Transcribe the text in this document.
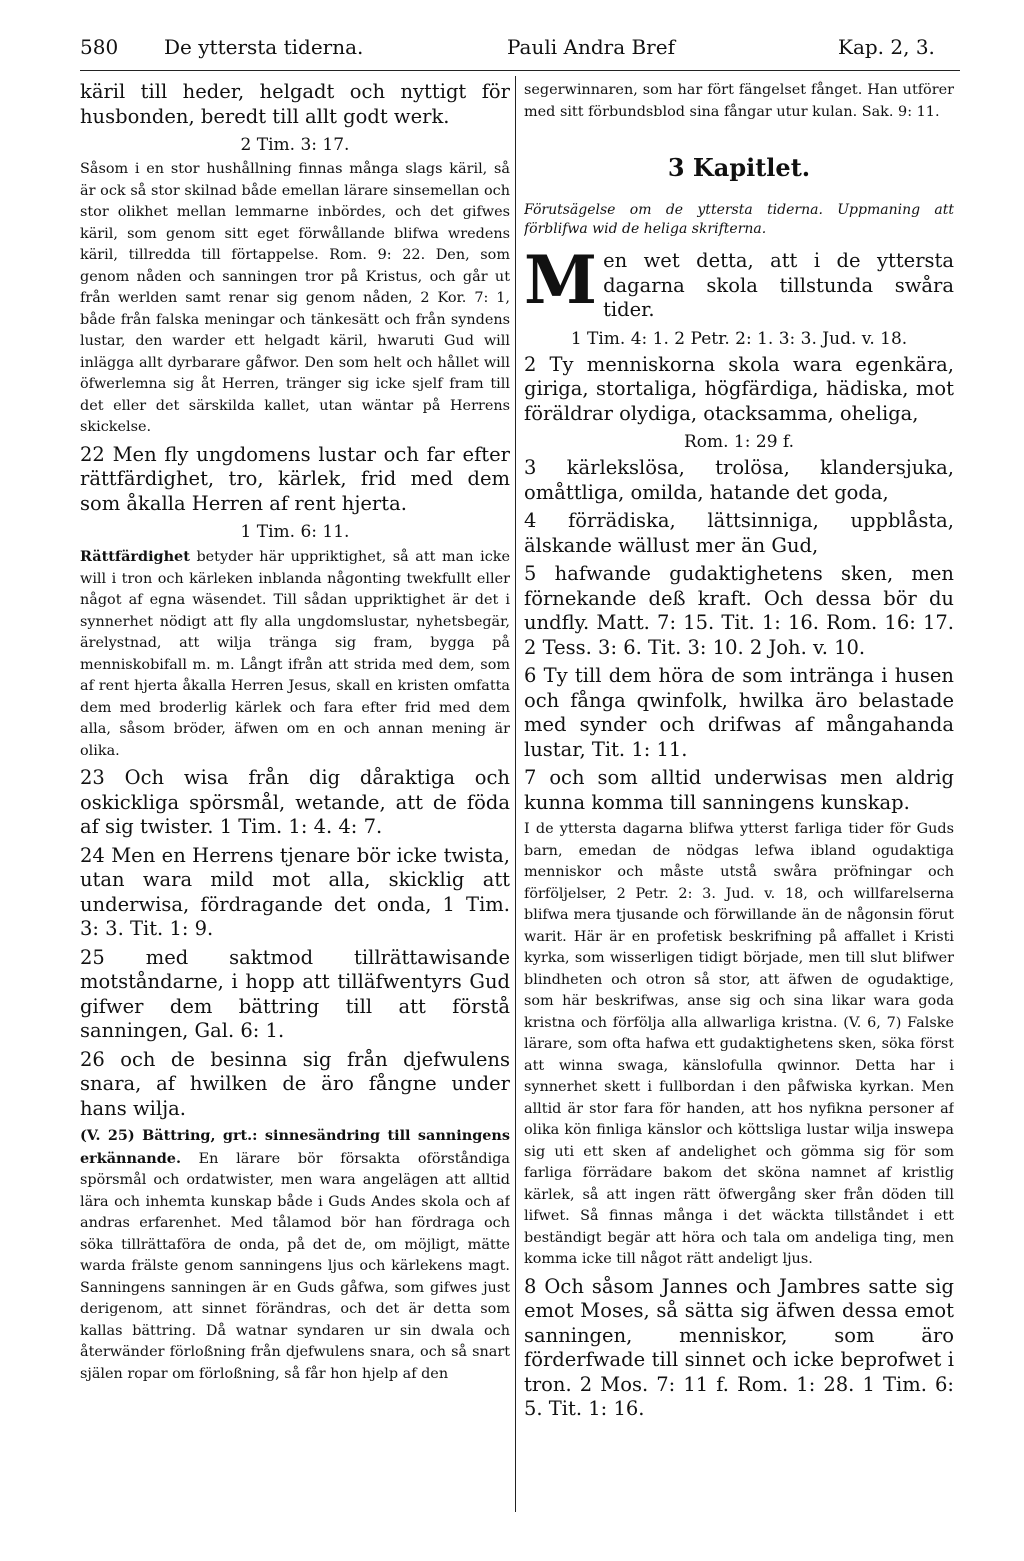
580 De yttersta tiderna.	Pauli Andra Bref	Kap. 2, 3.

käril till heder, helgadt och nyttigt för husbonden, beredt till allt godt werk.

2 Tim. 3: 17.

Såsom i en stor hushållning finnas många slags käril, så är ock så stor skilnad både emellan lärare sinsemellan och stor olikhet mellan lemmarne inbördes, och det gifwes käril, som genom sitt eget förwållande blifwa wredens käril, tillredda till förtappelse. Rom. 9: 22. Den, som genom nåden och sanningen tror på Kristus, och går ut från werlden samt renar sig genom nåden, 2 Kor. 7: 1, både från falska meningar och tänkesätt och från syndens lustar, den warder ett helgadt käril, hwaruti Gud will inlägga allt dyrbarare gåfwor. Den som helt och hållet will öfwerlemna sig åt Herren, tränger sig icke sjelf fram till det eller det särskilda kallet, utan wäntar på Herrens skickelse.

22 Men fly ungdomens lustar och far efter rättfärdighet, tro, kärlek, frid med dem som åkalla Herren af rent hjerta.

1 Tim. 6: 11.

Rättfärdighet betyder här uppriktighet, så att man icke will i tron och kärleken inblanda någonting twekfullt eller något af egna wäsendet. Till sådan uppriktighet är det i synnerhet nödigt att fly alla ungdomslustar, nyhetsbegär, ärelystnad, att wilja tränga sig fram, bygga på menniskobifall m. m. Långt ifrån att strida med dem, som af rent hjerta åkalla Herren Jesus, skall en kristen omfatta dem med broderlig kärlek och fara efter frid med dem alla, såsom bröder, äfwen om en och annan mening är olika.

23 Och wisa från dig dåraktiga och oskickliga spörsmål, wetande, att de föda af sig twister. 1 Tim. 1: 4. 4: 7.

24 Men en Herrens tjenare bör icke twista, utan wara mild mot alla, skicklig att underwisa, fördragande det onda, 1 Tim. 3: 3. Tit. 1: 9.

25 med saktmod tillrättawisande motståndarne, i hopp att tilläfwentyrs Gud gifwer dem bättring till att förstå sanningen, Gal. 6: 1.

26 och de besinna sig från djefwulens snara, af hwilken de äro fångne under hans wilja.

(V. 25) Bättring, grt.: sinnesändring till sanningens erkännande. En lärare bör försakta oförståndiga spörsmål och ordatwister, men wara angelägen att alltid lära och inhemta kunskap både i Guds Andes skola och af andras erfarenhet. Med tålamod bör han fördraga och söka tillrättaföra de onda, på det de, om möjligt, mätte warda frälste genom sanningens ljus och kärlekens magt. Sanningens sanningen är en Guds gåfwa, som gifwes just derigenom, att sinnet förändras, och det är detta som kallas bättring. Då watnar syndaren ur sin dwala och återwänder förloßning från djefwulens snara, och så snart själen ropar om förloßning, så får hon hjelp af den

segerwinnaren, som har fört fängelset fånget. Han utförer med sitt förbundsblod sina fångar utur kulan. Sak. 9: 11.

3 Kapitlet.

Förutsägelse om de yttersta tiderna. Uppmaning att förblifwa wid de heliga skrifterna.

Men wet detta, att i de yttersta dagarna skola tillstunda swåra tider.

1 Tim. 4: 1. 2 Petr. 2: 1. 3: 3. Jud. v. 18.

2 Ty menniskorna skola wara egenkära, giriga, stortaliga, högfärdiga, hädiska, mot föräldrar olydiga, otacksamma, oheliga,

Rom. 1: 29 f.

3 kärlekslösa, trolösa, klandersjuka, omåttliga, omilda, hatande det goda,

4 förrädiska, lättsinniga, uppblåsta, älskande wällust mer än Gud,

5 hafwande gudaktighetens sken, men förnekande deß kraft. Och dessa bör du undfly. Matt. 7: 15. Tit. 1: 16. Rom. 16: 17. 2 Tess. 3: 6. Tit. 3: 10. 2 Joh. v. 10.

6 Ty till dem höra de som intränga i husen och fånga qwinfolk, hwilka äro belastade med synder och drifwas af mångahanda lustar, Tit. 1: 11.

7 och som alltid underwisas men aldrig kunna komma till sanningens kunskap.

I de yttersta dagarna blifwa ytterst farliga tider för Guds barn, emedan de nödgas lefwa ibland ogudaktiga menniskor och måste utstå swåra pröfningar och förföljelser, 2 Petr. 2: 3. Jud. v. 18, och willfarelserna blifwa mera tjusande och förwillande än de någonsin förut warit. Här är en profetisk beskrifning på affallet i Kristi kyrka, som wisserligen tidigt började, men till slut blifwer blindheten och otron så stor, att äfwen de ogudaktige, som här beskrifwas, anse sig och sina likar wara goda kristna och förfölja alla allwarliga kristna. (V. 6, 7) Falske lärare, som ofta hafwa ett gudaktighetens sken, söka först att winna swaga, känslofulla qwinnor. Detta har i synnerhet skett i fullbordan i den påfwiska kyrkan. Men alltid är stor fara för handen, att hos nyfikna personer af olika kön finliga känslor och köttsliga lustar wilja inswepa sig uti ett sken af andelighet och gömma sig för som farliga förrädare bakom det sköna namnet af kristlig kärlek, så att ingen rätt öfwergång sker från döden till lifwet. Så finnas många i det wäckta tillståndet i ett beständigt begär att höra och tala om andeliga ting, men komma icke till något rätt andeligt ljus.

8 Och såsom Jannes och Jambres satte sig emot Moses, så sätta sig äfwen dessa emot sanningen, menniskor, som äro förderfwade till sinnet och icke beprofwet i tron. 2 Mos. 7: 11 f. Rom. 1: 28. 1 Tim. 6: 5. Tit. 1: 16.
